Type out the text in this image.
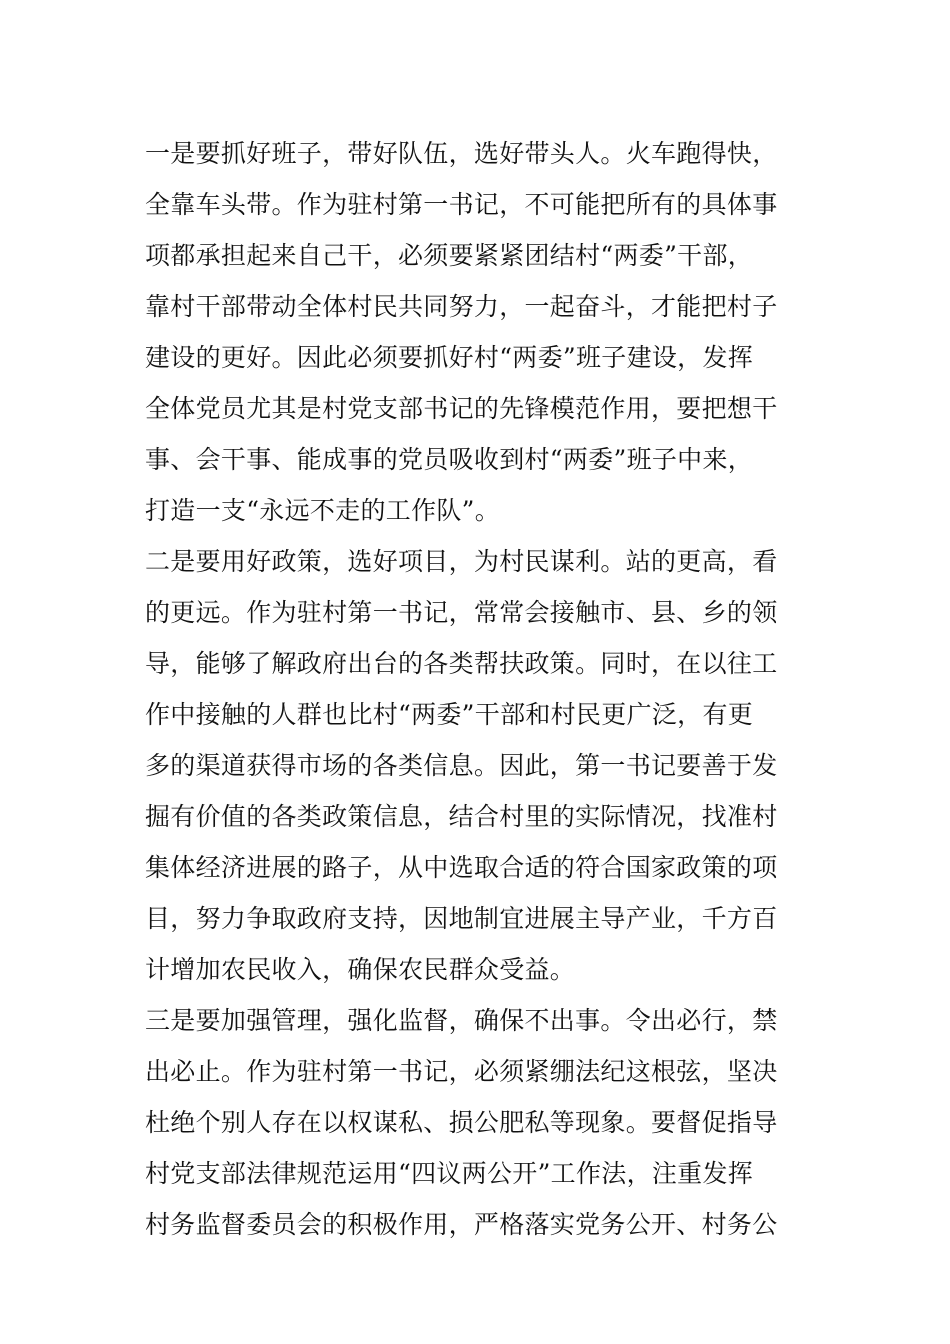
一是要抓好班子，带好队伍，选好带头人。火车跑得快，
全靠车头带。作为驻村第一书记，不可能把所有的具体事
项都承担起来自己干，必须要紧紧团结村“两委”干部，
靠村干部带动全体村民共同努力，一起奋斗，才能把村子
建设的更好。因此必须要抓好村“两委”班子建设，发挥
全体党员尤其是村党支部书记的先锋模范作用，要把想干
事、会干事、能成事的党员吸收到村“两委”班子中来，
打造一支“永远不走的工作队”。
二是要用好政策，选好项目，为村民谋利。站的更高，看
的更远。作为驻村第一书记，常常会接触市、县、乡的领
导，能够了解政府出台的各类帮扶政策。同时，在以往工
作中接触的人群也比村“两委”干部和村民更广泛，有更
多的渠道获得市场的各类信息。因此，第一书记要善于发
掘有价值的各类政策信息，结合村里的实际情况，找准村
集体经济进展的路子，从中选取合适的符合国家政策的项
目，努力争取政府支持，因地制宜进展主导产业，千方百
计增加农民收入，确保农民群众受益。
三是要加强管理，强化监督，确保不出事。令出必行，禁
出必止。作为驻村第一书记，必须紧绷法纪这根弦，坚决
杜绝个别人存在以权谋私、损公肥私等现象。要督促指导
村党支部法律规范运用“四议两公开”工作法，注重发挥
村务监督委员会的积极作用，严格落实党务公开、村务公
